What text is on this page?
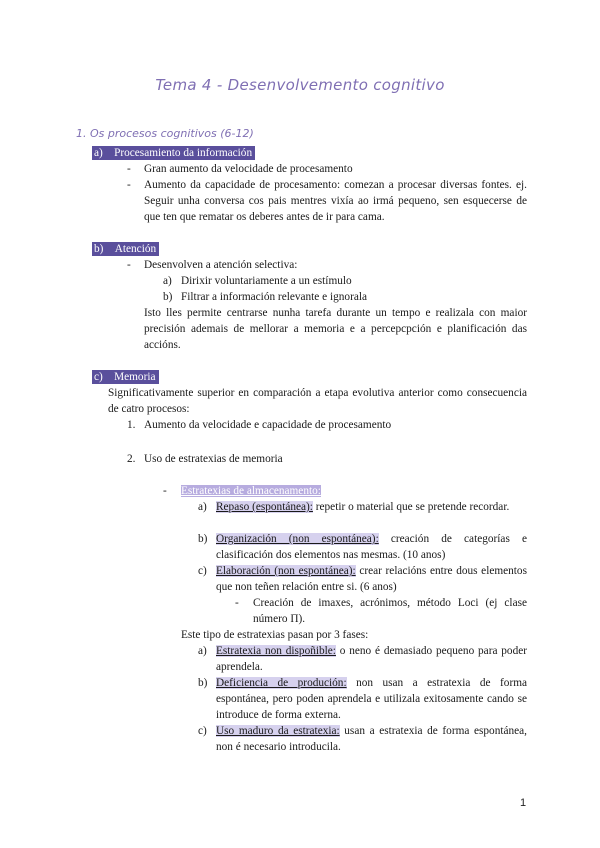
Tema 4 - Desenvolvemento cognitivo
1. Os procesos cognitivos (6-12)
a) Procesamiento da información
- Gran aumento da velocidade de procesamento
- Aumento da capacidade de procesamento: comezan a procesar diversas fontes. ej. Seguir unha conversa cos pais mentres vixía ao irmá pequeno, sen esquecerse de que ten que rematar os deberes antes de ir para cama.
b) Atención
- Desenvolven a atención selectiva:
a) Dirixir voluntariamente a un estímulo
b) Filtrar a información relevante e ignorala
Isto lles permite centrarse nunha tarefa durante un tempo e realizala con maior precisión ademais de mellorar a memoria e a percepcpción e planificación das accións.
c) Memoria
Significativamente superior en comparación a etapa evolutiva anterior como consecuencia de catro procesos:
1. Aumento da velocidade e capacidade de procesamento
2. Uso de estratexias de memoria
- Estratexias de almacenamento:
a) Repaso (espontánea): repetir o material que se pretende recordar.
b) Organización (non espontánea): creación de categorías e clasificación dos elementos nas mesmas. (10 anos)
c) Elaboración (non espontánea): crear relacións entre dous elementos que non teñen relación entre si. (6 anos)
- Creación de imaxes, acrónimos, método Loci (ej clase número Π).
Este tipo de estratexias pasan por 3 fases:
a) Estratexia non dispoñible: o neno é demasiado pequeno para poder aprendela.
b) Deficiencia de produción: non usan a estratexia de forma espontánea, pero poden aprendela e utilizala exitosamente cando se introduce de forma externa.
c) Uso maduro da estratexia: usan a estratexia de forma espontánea, non é necesario introducila.
1
